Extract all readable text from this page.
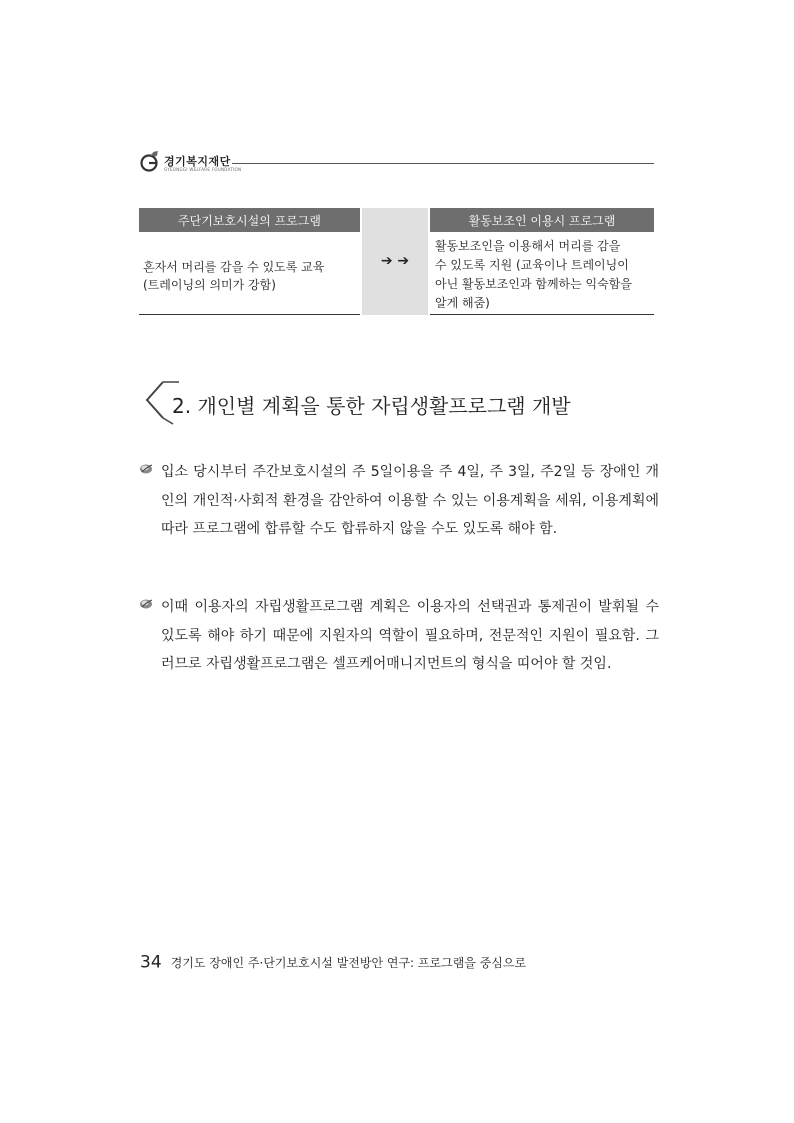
경기복지재단
GYEONGGI WELFARE FOUNDATION
주단기보호시설의 프로그램	활동보조인 이용시 프로그램
➔ ➔
혼자서 머리를 감을 수 있도록 교육
(트레이닝의 의미가 강함)
활동보조인을 이용해서 머리를 감을
수 있도록 지원 (교육이나 트레이닝이
아닌 활동보조인과 함께하는 익숙함을
알게 해줌)
2. 개인별 계획을 통한 자립생활프로그램 개발
입소 당시부터 주간보호시설의 주 5일이용을 주 4일, 주 3일, 주2일 등 장애인 개인의 개인적·사회적 환경을 감안하여 이용할 수 있는 이용계획을 세워, 이용계획에 따라 프로그램에 합류할 수도 합류하지 않을 수도 있도록 해야 함.
이때 이용자의 자립생활프로그램 계획은 이용자의 선택권과 통제권이 발휘될 수 있도록 해야 하기 때문에 지원자의 역할이 필요하며, 전문적인 지원이 필요함. 그러므로 자립생활프로그램은 셀프케어매니지먼트의 형식을 띠어야 할 것임.
34 경기도 장애인 주·단기보호시설 발전방안 연구: 프로그램을 중심으로
